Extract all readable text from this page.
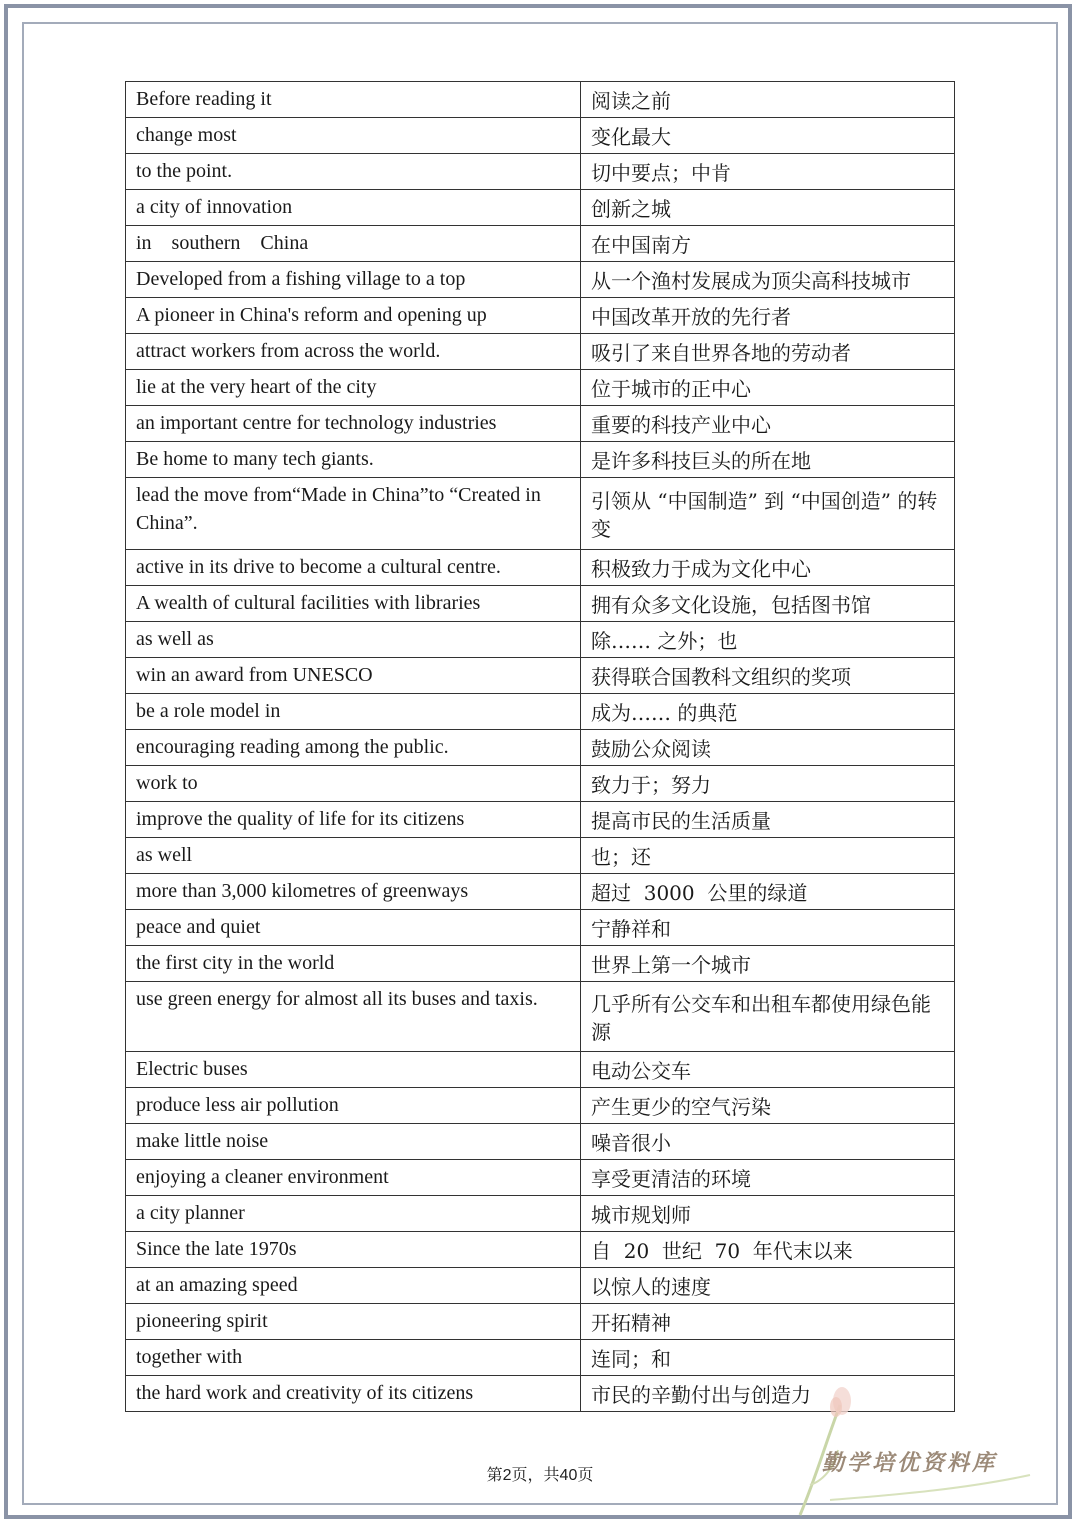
Before reading it	阅读之前
change most	变化最大
to the point.	切中要点；中肯
a city of innovation	创新之城
in    southern    China	在中国南方
Developed from a fishing village to a top	从一个渔村发展成为顶尖高科技城市
A pioneer in China's reform and opening up	中国改革开放的先行者
attract workers from across the world.	吸引了来自世界各地的劳动者
lie at the very heart of the city	位于城市的正中心
an important centre for technology industries	重要的科技产业中心
Be home to many tech giants.	是许多科技巨头的所在地
lead the move from“Made in China”to “Created in China”.	引领从 “中国制造” 到 “中国创造” 的转变
active in its drive to become a cultural centre.	积极致力于成为文化中心
A wealth of cultural facilities with libraries	拥有众多文化设施，包括图书馆
as well as	除…… 之外；也
win an award from UNESCO	获得联合国教科文组织的奖项
be a role model in	成为…… 的典范
encouraging reading among the public.	鼓励公众阅读
work to	致力于；努力
improve the quality of life for its citizens	提高市民的生活质量
as well	也；还
more than 3,000 kilometres of greenways	超过  3000  公里的绿道
peace and quiet	宁静祥和
the first city in the world	世界上第一个城市
use green energy for almost all its buses and taxis.	几乎所有公交车和出租车都使用绿色能源
Electric buses	电动公交车
produce less air pollution	产生更少的空气污染
make little noise	噪音很小
enjoying a cleaner environment	享受更清洁的环境
a city planner	城市规划师
Since the late 1970s	自  20  世纪  70  年代末以来
at an amazing speed	以惊人的速度
pioneering spirit	开拓精神
together with	连同；和
the hard work and creativity of its citizens	市民的辛勤付出与创造力
第2页，共40页	勤学培优资料库
